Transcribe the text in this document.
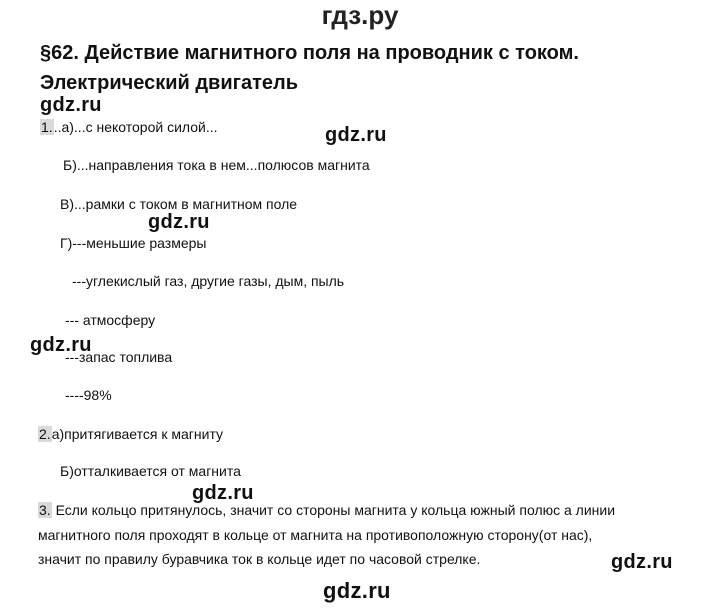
гдз.ру
§62. Действие магнитного поля на проводник с током.
Электрический двигатель
gdz.ru
gdz.ru
gdz.ru
gdz.ru
gdz.ru
gdz.ru
gdz.ru
1...а)...с некоторой силой...
Б)...направления тока в нем...полюсов магнита
В)...рамки с током в магнитном поле
Г)---меньшие размеры
---углекислый газ, другие газы, дым, пыль
--- атмосферу
---запас топлива
----98%
2.а)притягивается к магниту
Б)отталкивается от магнита
3. Если кольцо притянулось, значит со стороны магнита у кольца южный полюс а линии
магнитного поля проходят в кольце от магнита на противоположную сторону(от нас),
значит по правилу буравчика ток в кольце идет по часовой стрелке.
